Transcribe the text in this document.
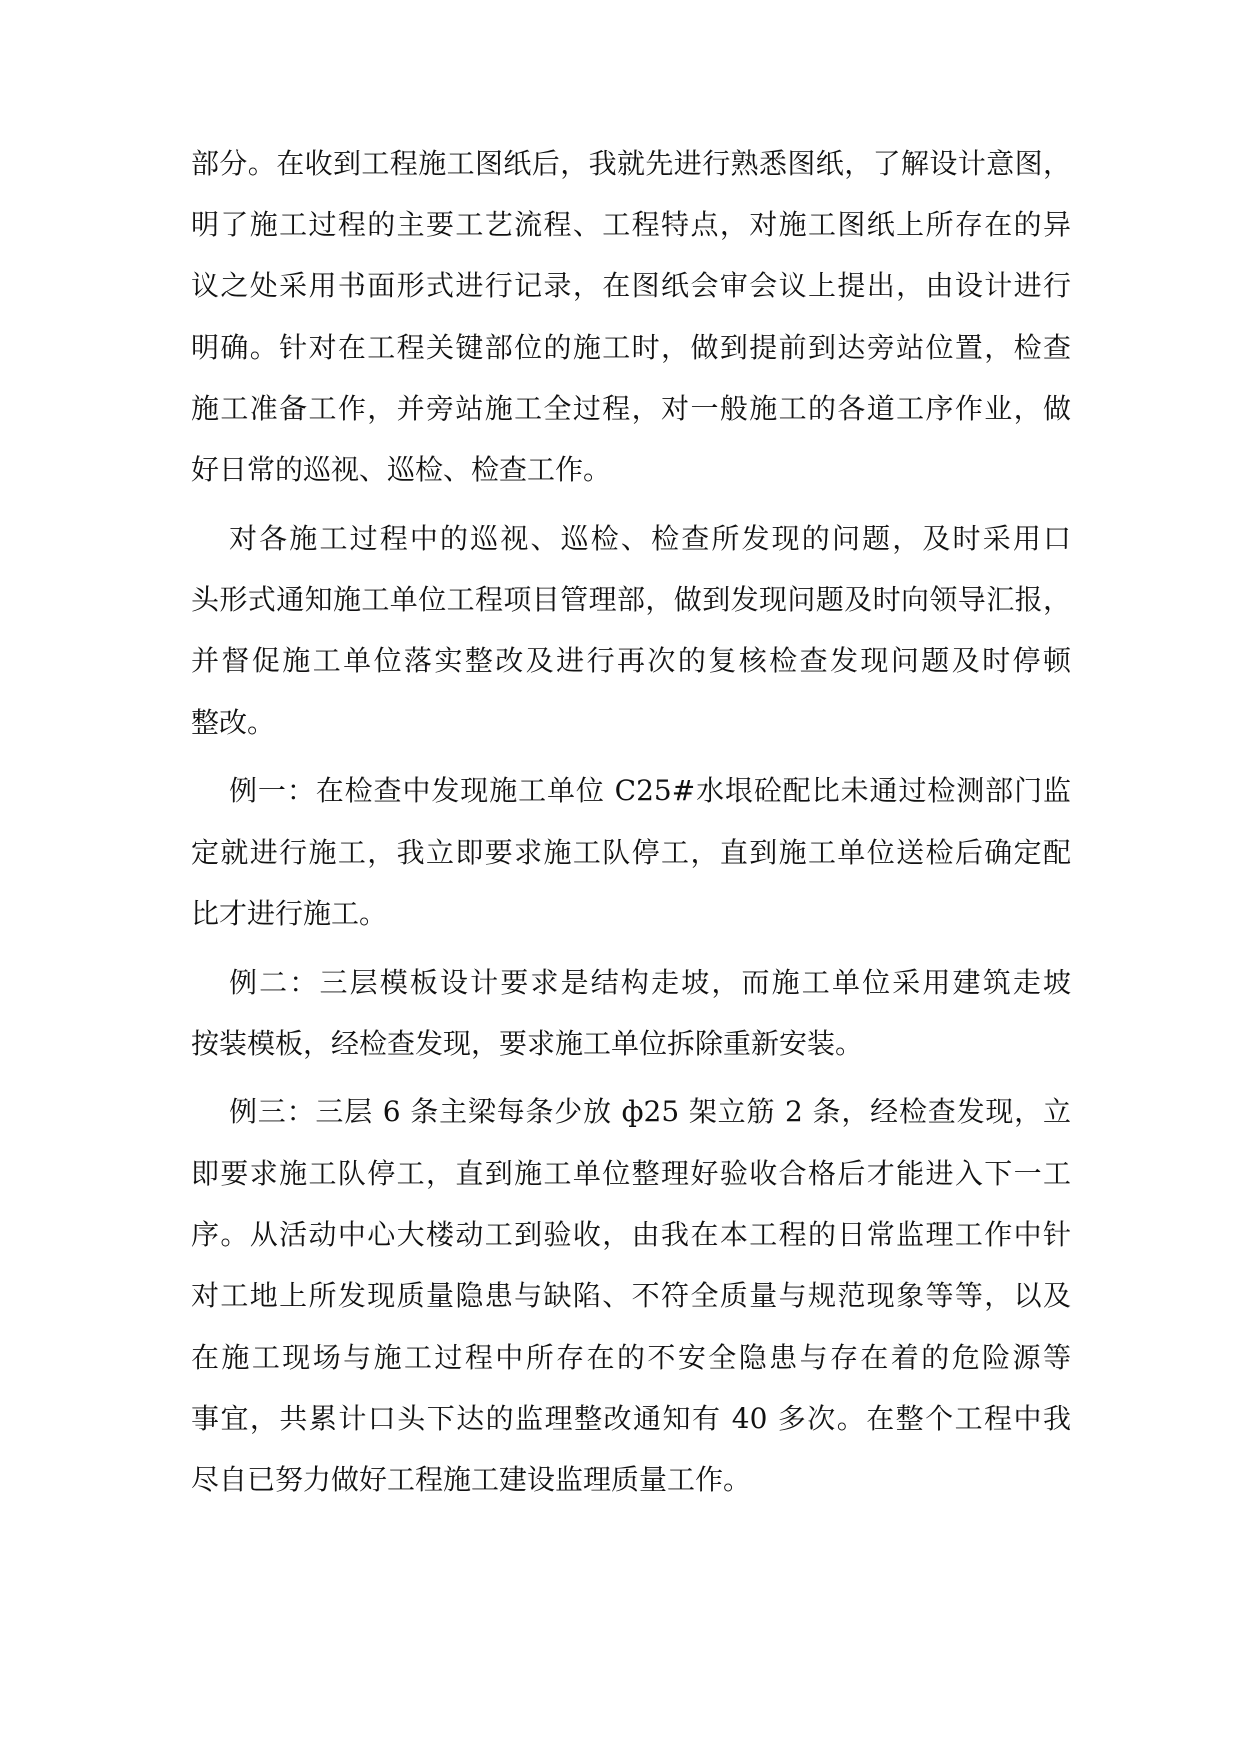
部分。在收到工程施工图纸后，我就先进行熟悉图纸，了解设计意图，
明了施工过程的主要工艺流程、工程特点，对施工图纸上所存在的异
议之处采用书面形式进行记录，在图纸会审会议上提出，由设计进行
明确。针对在工程关键部位的施工时，做到提前到达旁站位置，检查
施工准备工作，并旁站施工全过程，对一般施工的各道工序作业，做
好日常的巡视、巡检、检查工作。
对各施工过程中的巡视、巡检、检查所发现的问题，及时采用口
头形式通知施工单位工程项目管理部，做到发现问题及时向领导汇报，
并督促施工单位落实整改及进行再次的复核检查发现问题及时停顿
整改。
例一：在检查中发现施工单位 C25#水垠砼配比未通过检测部门监
定就进行施工，我立即要求施工队停工，直到施工单位送检后确定配
比才进行施工。
例二：三层模板设计要求是结构走坡，而施工单位采用建筑走坡
按装模板，经检查发现，要求施工单位拆除重新安装。
例三：三层 6 条主梁每条少放 ф25 架立筋 2 条，经检查发现，立
即要求施工队停工，直到施工单位整理好验收合格后才能进入下一工
序。从活动中心大楼动工到验收，由我在本工程的日常监理工作中针
对工地上所发现质量隐患与缺陷、不符全质量与规范现象等等，以及
在施工现场与施工过程中所存在的不安全隐患与存在着的危险源等
事宜，共累计口头下达的监理整改通知有 40 多次。在整个工程中我
尽自已努力做好工程施工建设监理质量工作。
